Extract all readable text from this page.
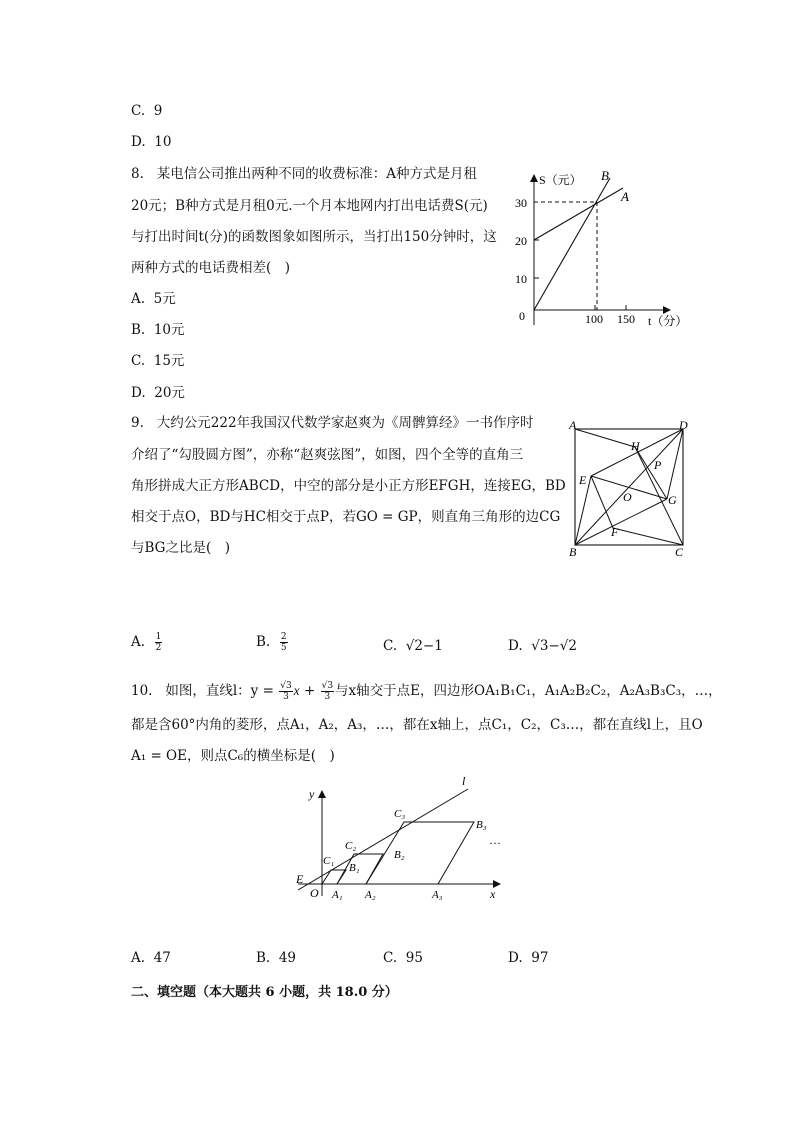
C. 9
D. 10
8. 某电信公司推出两种不同的收费标准：A种方式是月租
20元；B种方式是月租0元.一个月本地网内打出电话费S(元)
与打出时间t(分)的函数图象如图所示，当打出150分钟时，这
两种方式的电话费相差(　)
A. 5元
B. 10元
C. 15元
D. 20元
S（元）
t（分）
0
10
20
30
100 150
B
A
9. 大约公元222年我国汉代数学家赵爽为《周髀算经》一书作序时
介绍了“勾股圆方图”，亦称“赵爽弦图”，如图，四个全等的直角三
角形拼成大正方形ABCD，中空的部分是小正方形EFGH，连接EG，BD
相交于点O，BD与HC相交于点P，若GO = GP，则直角三角形的边CG
与BG之比是(　)
A	D
B	C
H
P
E
O	G
F
A. $\frac{1}{2}$	B. $\frac{2}{5}$	C. √2−1	D. √3−√2
10. 如图，直线l：$y = \frac{√3}{3}$ $x + \frac{√3}{3}$ 与x轴交于点E，四边形OA₁B₁C₁，A₁A₂B₂C₂，A₂A₃B₃C₃，…，
都是含60°内角的菱形，点A₁，A₂，A₃，…，都在x轴上，点C₁，C₂，C₃…，都在直线l上，且O
A₁ = OE，则点C₆的横坐标是(　)
y
x
l
E
O A₁ A₂	A₃
C₁
C₂
C₃
B₁
B₂
B₃
…
A. 47	B. 49	C. 95	D. 97
二、填空题（本大题共 6 小题，共 18.0 分）
